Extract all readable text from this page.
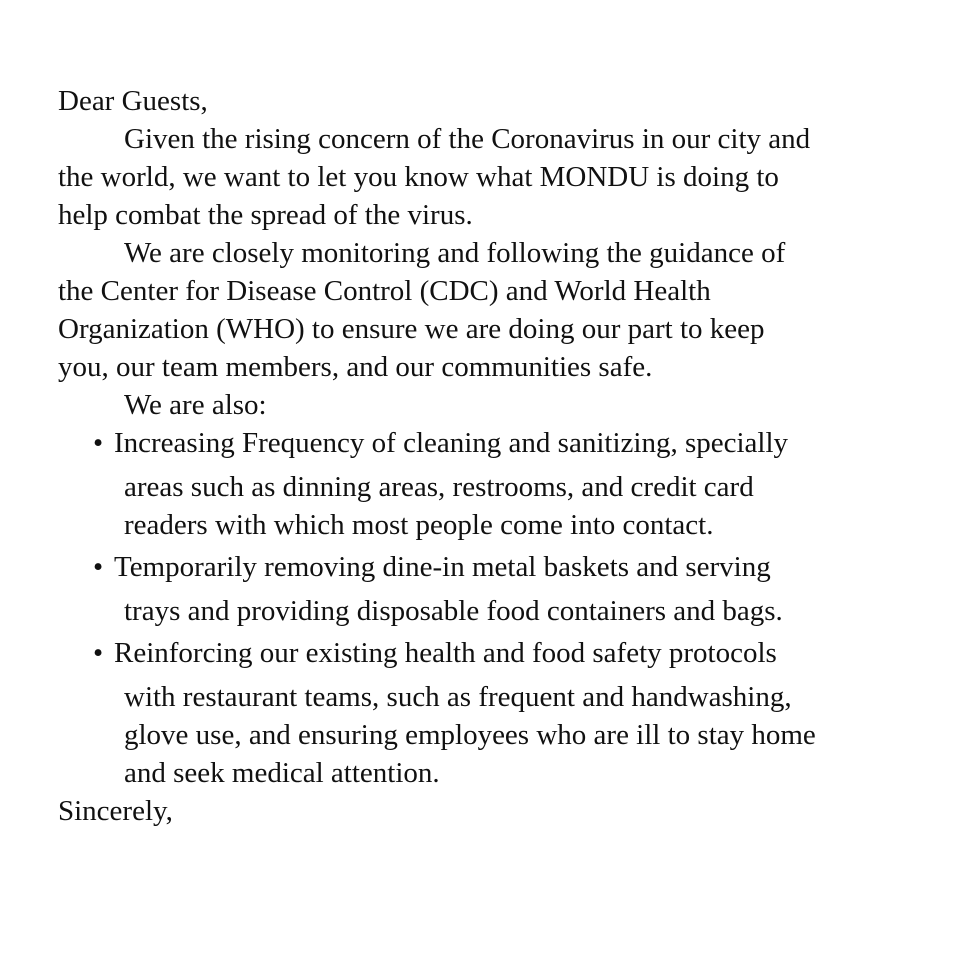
Dear Guests,
Given the rising concern of the Coronavirus in our city and
the world, we want to let you know what MONDU is doing to
help combat the spread of the virus.
We are closely monitoring and following the guidance of
the Center for Disease Control (CDC) and World Health
Organization (WHO) to ensure we are doing our part to keep
you, our team members, and our communities safe.
We are also:
• Increasing Frequency of cleaning and sanitizing, specially
areas such as dinning areas, restrooms, and credit card
readers with which most people come into contact.
• Temporarily removing dine-in metal baskets and serving
trays and providing disposable food containers and bags.
• Reinforcing our existing health and food safety protocols
with restaurant teams, such as frequent and handwashing,
glove use, and ensuring employees who are ill to stay home
and seek medical attention.
Sincerely,
